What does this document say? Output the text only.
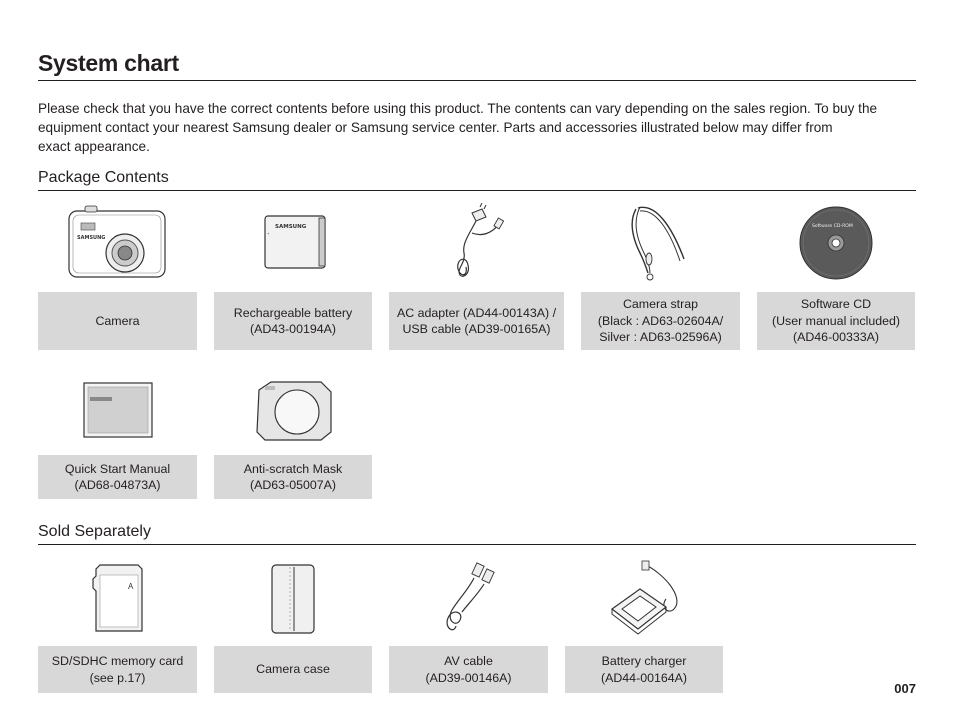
System chart
Please check that you have the correct contents before using this product. The contents can vary depending on the sales region. To buy the
equipment contact your nearest Samsung dealer or Samsung service center. Parts and accessories illustrated below may differ from
exact appearance.
Package Contents
SAMSUNG
Camera
SAMSUNG
+
Rechargeable battery
(AD43-00194A)
AC adapter (AD44-00143A) /
USB cable (AD39-00165A)
Camera strap
(Black : AD63-02604A/
Silver : AD63-02596A)
Software CD-ROM
Software CD
(User manual included)
(AD46-00333A)
Quick Start Manual
(AD68-04873A)
Anti-scratch Mask
(AD63-05007A)
Sold Separately
A
SD/SDHC memory card
(see p.17)
Camera case
AV cable
(AD39-00146A)
Battery charger
(AD44-00164A)
007
